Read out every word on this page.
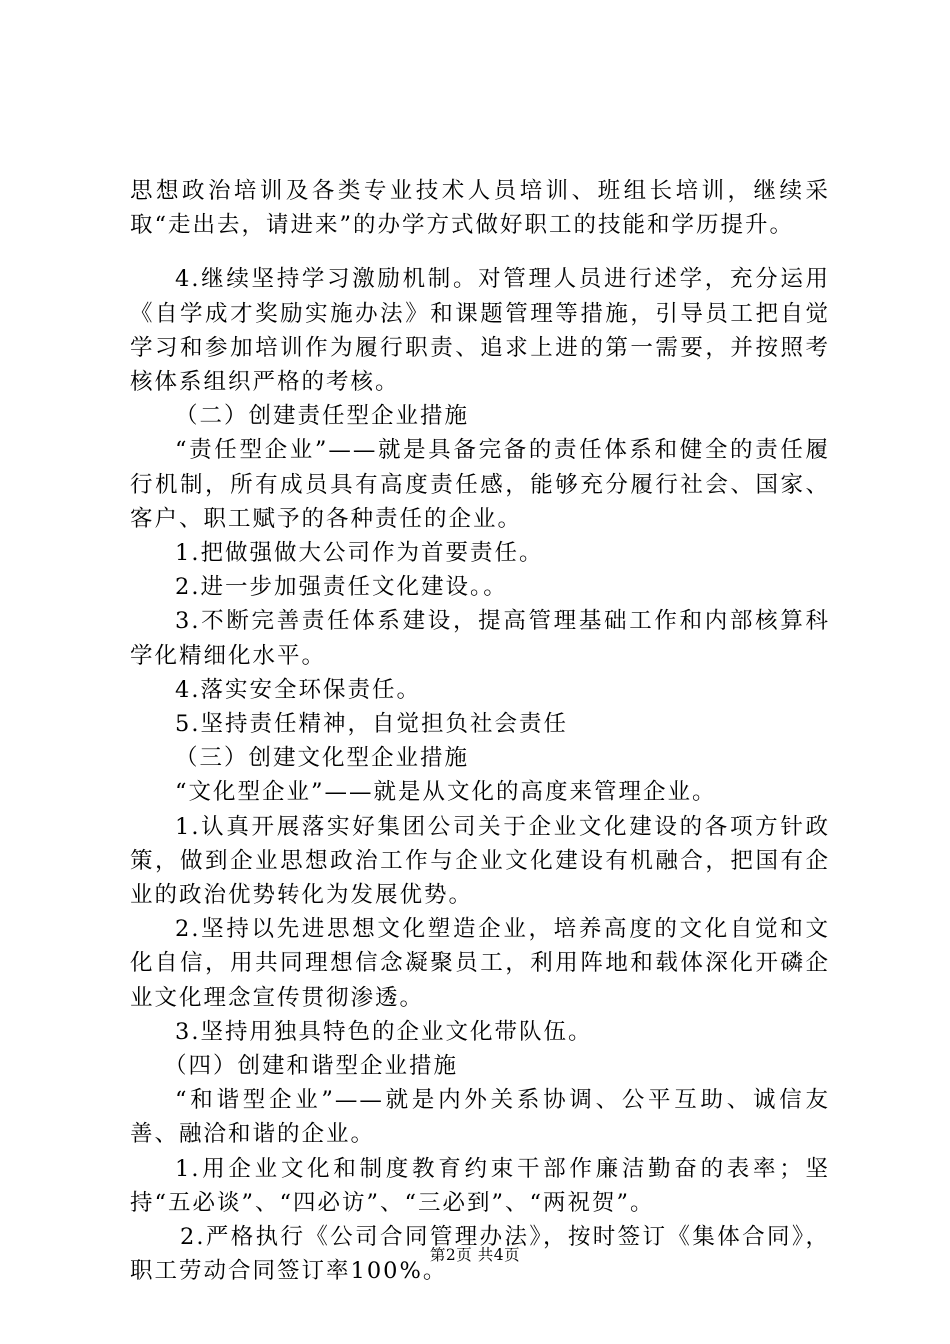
思想政治培训及各类专业技术人员培训、班组长培训，继续采取“走出去，请进来”的办学方式做好职工的技能和学历提升。

4.继续坚持学习激励机制。对管理人员进行述学，充分运用《自学成才奖励实施办法》和课题管理等措施，引导员工把自觉学习和参加培训作为履行职责、追求上进的第一需要，并按照考核体系组织严格的考核。

（二）创建责任型企业措施

“责任型企业”——就是具备完备的责任体系和健全的责任履行机制，所有成员具有高度责任感，能够充分履行社会、国家、客户、职工赋予的各种责任的企业。

1.把做强做大公司作为首要责任。

2.进一步加强责任文化建设。。

3.不断完善责任体系建设，提高管理基础工作和内部核算科学化精细化水平。

4.落实安全环保责任。

5.坚持责任精神，自觉担负社会责任

（三）创建文化型企业措施

“文化型企业”——就是从文化的高度来管理企业。

1.认真开展落实好集团公司关于企业文化建设的各项方针政策，做到企业思想政治工作与企业文化建设有机融合，把国有企业的政治优势转化为发展优势。

2.坚持以先进思想文化塑造企业，培养高度的文化自觉和文化自信，用共同理想信念凝聚员工，利用阵地和载体深化开磷企业文化理念宣传贯彻渗透。

3.坚持用独具特色的企业文化带队伍。

（四）创建和谐型企业措施

“和谐型企业”——就是内外关系协调、公平互助、诚信友善、融洽和谐的企业。

1.用企业文化和制度教育约束干部作廉洁勤奋的表率；坚持“五必谈”、“四必访”、“三必到”、“两祝贺”。

2.严格执行《公司合同管理办法》，按时签订《集体合同》，职工劳动合同签订率100%。

第2页 共4页
